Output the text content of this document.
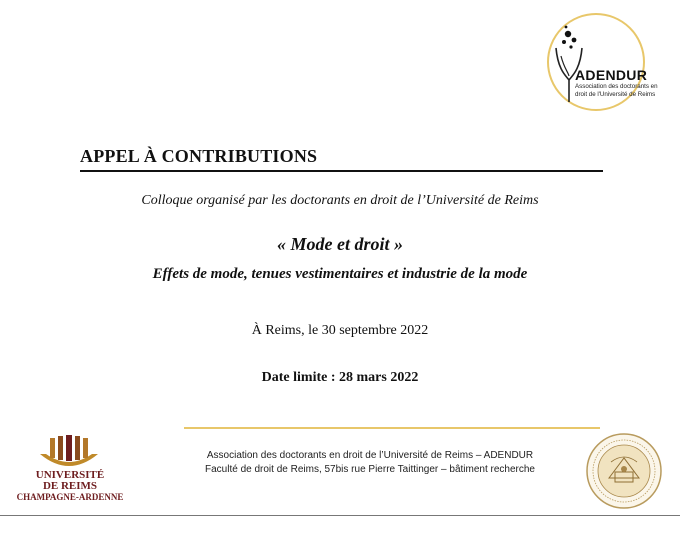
ADENDUR
Association des doctorants en
droit de l'Université de Reims
APPEL À CONTRIBUTIONS
Colloque organisé par les doctorants en droit de l’Université de Reims
« Mode et droit »
Effets de mode, tenues vestimentaires et industrie de la mode
À Reims, le 30 septembre 2022
Date limite : 28 mars 2022
UNIVERSITÉ
DE REIMS
CHAMPAGNE-ARDENNE
Association des doctorants en droit de l’Université de Reims – ADENDUR
Faculté de droit de Reims, 57bis rue Pierre Taittinger – bâtiment recherche
